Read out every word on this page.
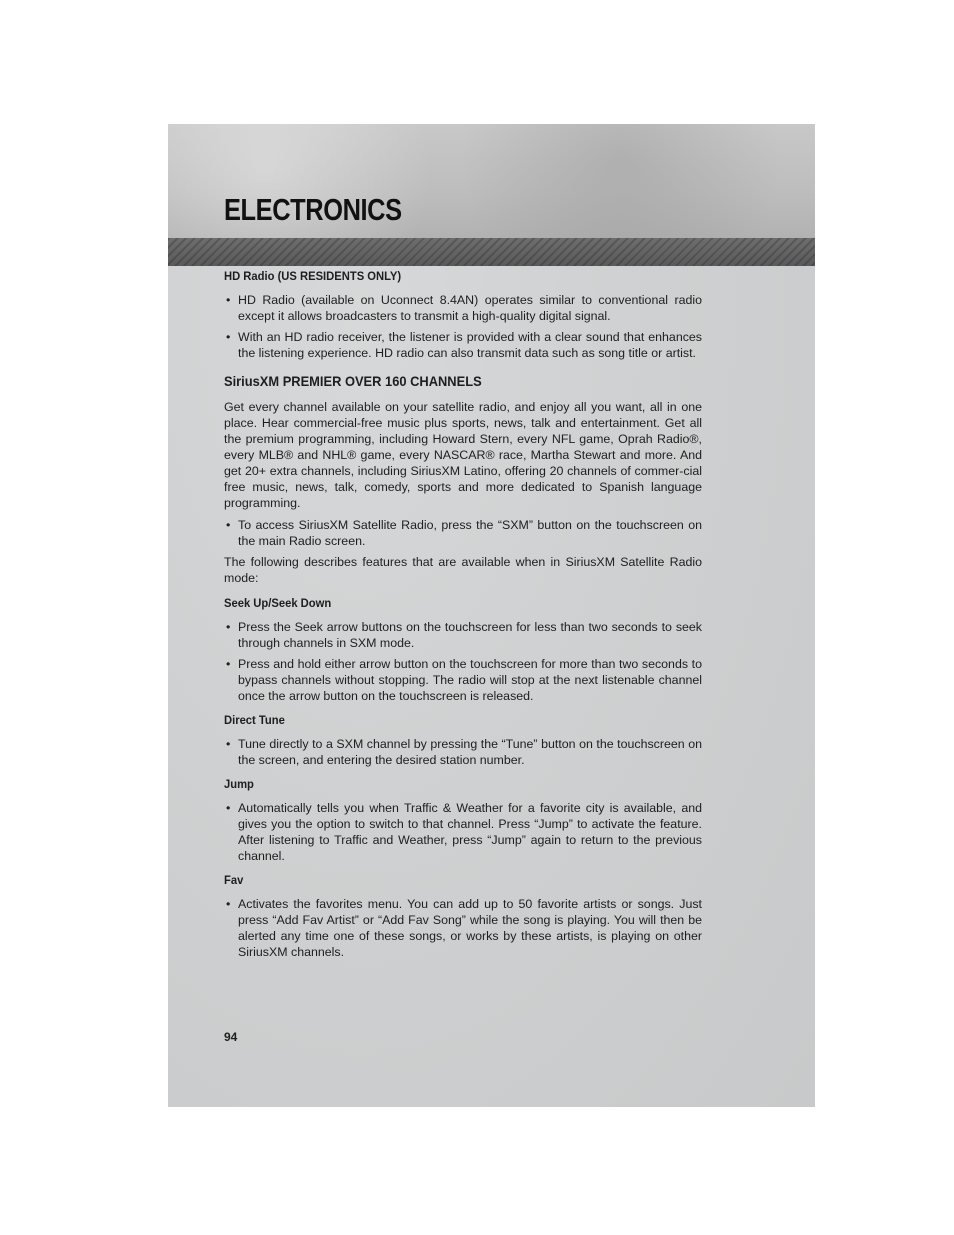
ELECTRONICS

HD Radio (US RESIDENTS ONLY)

• HD Radio (available on Uconnect 8.4AN) operates similar to conventional radio except it allows broadcasters to transmit a high-quality digital signal.
• With an HD radio receiver, the listener is provided with a clear sound that enhances the listening experience. HD radio can also transmit data such as song title or artist.

SiriusXM PREMIER OVER 160 CHANNELS

Get every channel available on your satellite radio, and enjoy all you want, all in one place. Hear commercial-free music plus sports, news, talk and entertainment. Get all the premium programming, including Howard Stern, every NFL game, Oprah Radio®, every MLB® and NHL® game, every NASCAR® race, Martha Stewart and more. And get 20+ extra channels, including SiriusXM Latino, offering 20 channels of commer-cial free music, news, talk, comedy, sports and more dedicated to Spanish language programming.

• To access SiriusXM Satellite Radio, press the “SXM” button on the touchscreen on the main Radio screen.

The following describes features that are available when in SiriusXM Satellite Radio mode:

Seek Up/Seek Down

• Press the Seek arrow buttons on the touchscreen for less than two seconds to seek through channels in SXM mode.
• Press and hold either arrow button on the touchscreen for more than two seconds to bypass channels without stopping. The radio will stop at the next listenable channel once the arrow button on the touchscreen is released.

Direct Tune

• Tune directly to a SXM channel by pressing the “Tune” button on the touchscreen on the screen, and entering the desired station number.

Jump

• Automatically tells you when Traffic & Weather for a favorite city is available, and gives you the option to switch to that channel. Press “Jump” to activate the feature. After listening to Traffic and Weather, press “Jump” again to return to the previous channel.

Fav

• Activates the favorites menu. You can add up to 50 favorite artists or songs. Just press “Add Fav Artist” or “Add Fav Song” while the song is playing. You will then be alerted any time one of these songs, or works by these artists, is playing on other SiriusXM channels.
94
